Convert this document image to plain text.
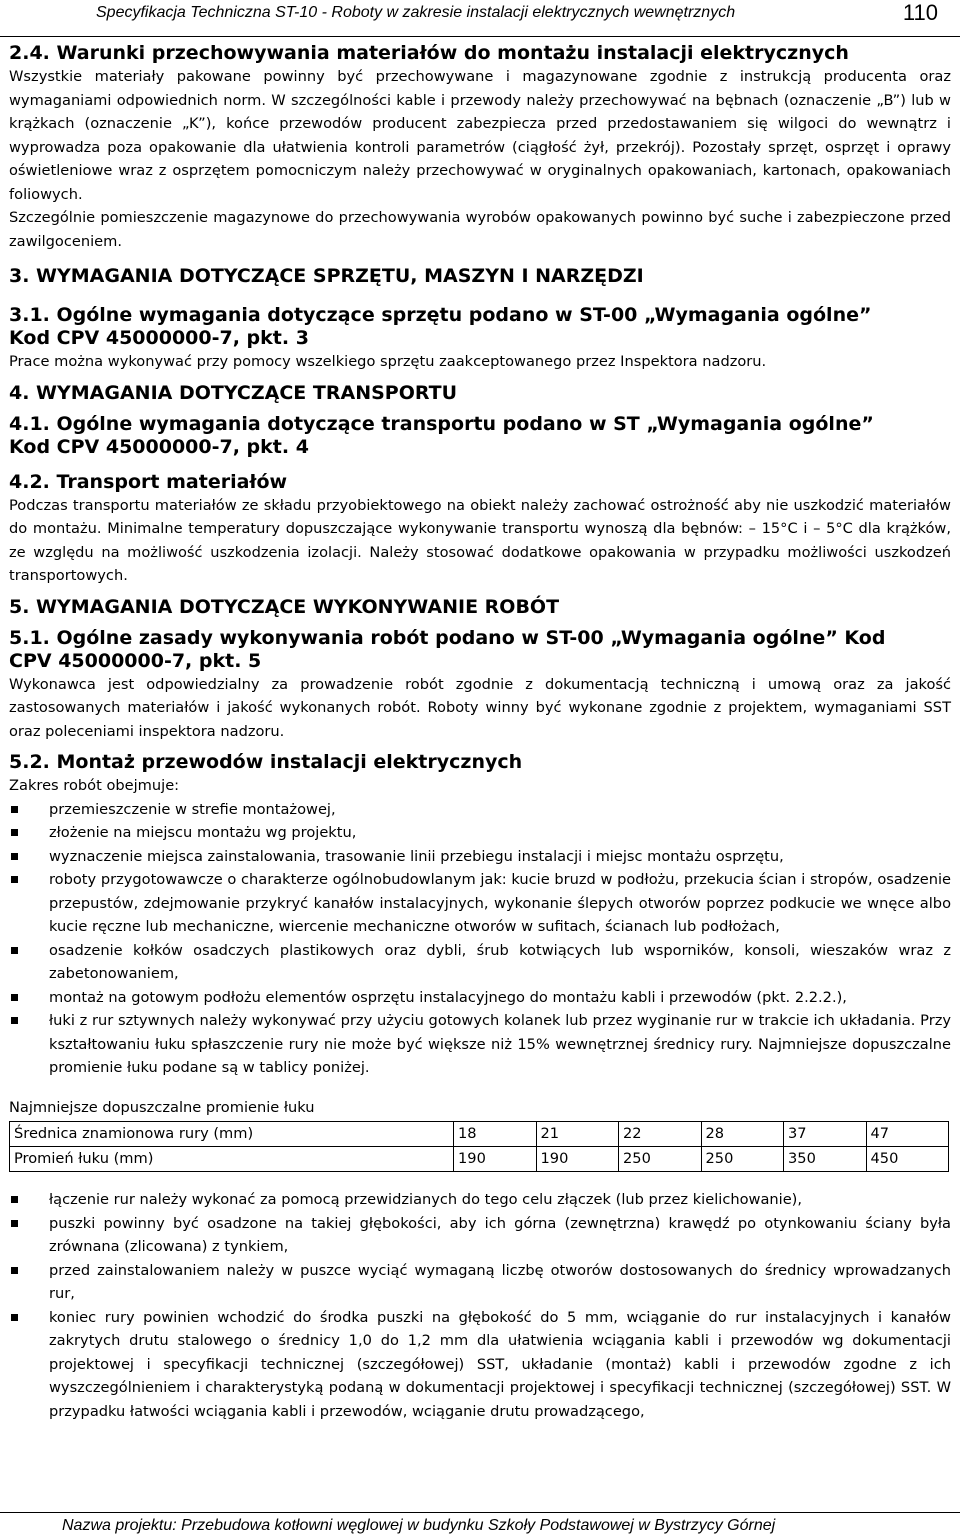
Specyfikacja Techniczna ST-10 - Roboty w zakresie instalacji elektrycznych wewnętrznych	110
2.4. Warunki przechowywania materiałów do montażu instalacji elektrycznych

Wszystkie materiały pakowane powinny być przechowywane i magazynowane zgodnie z instrukcją producenta oraz wymaganiami odpowiednich norm. W szczególności kable i przewody należy przechowywać na bębnach (oznaczenie „B”) lub w krążkach (oznaczenie „K”), końce przewodów producent zabezpiecza przed przedostawaniem się wilgoci do wewnątrz i wyprowadza poza opakowanie dla ułatwienia kontroli parametrów (ciągłość żył, przekrój). Pozostały sprzęt, osprzęt i oprawy oświetleniowe wraz z osprzętem pomocniczym należy przechowywać w oryginalnych opakowaniach, kartonach, opakowaniach foliowych.

Szczególnie pomieszczenie magazynowe do przechowywania wyrobów opakowanych powinno być suche i zabezpieczone przed zawilgoceniem.

3. WYMAGANIA DOTYCZĄCE SPRZĘTU, MASZYN I NARZĘDZI
3.1. Ogólne wymagania dotyczące sprzętu podano w ST-00 „Wymagania ogólne”
Kod CPV 45000000-7, pkt. 3

Prace można wykonywać przy pomocy wszelkiego sprzętu zaakceptowanego przez Inspektora nadzoru.

4. WYMAGANIA DOTYCZĄCE TRANSPORTU
4.1. Ogólne wymagania dotyczące transportu podano w ST „Wymagania ogólne”
Kod CPV 45000000-7, pkt. 4
4.2. Transport materiałów

Podczas transportu materiałów ze składu przyobiektowego na obiekt należy zachować ostrożność aby nie uszkodzić materiałów do montażu. Minimalne temperatury dopuszczające wykonywanie transportu wynoszą dla bębnów: – 15°C i – 5°C dla krążków, ze względu na możliwość uszkodzenia izolacji. Należy stosować dodatkowe opakowania w przypadku możliwości uszkodzeń transportowych.

5. WYMAGANIA DOTYCZĄCE WYKONYWANIE ROBÓT
5.1. Ogólne zasady wykonywania robót podano w ST-00 „Wymagania ogólne” Kod
CPV 45000000-7, pkt. 5

Wykonawca jest odpowiedzialny za prowadzenie robót zgodnie z dokumentacją techniczną i umową oraz za jakość zastosowanych materiałów i jakość wykonanych robót. Roboty winny być wykonane zgodnie z projektem, wymaganiami SST oraz poleceniami inspektora nadzoru.

5.2. Montaż przewodów instalacji elektrycznych

Zakres robót obejmuje:

przemieszczenie w strefie montażowej,
złożenie na miejscu montażu wg projektu,
wyznaczenie miejsca zainstalowania, trasowanie linii przebiegu instalacji i miejsc montażu osprzętu,
roboty przygotowawcze o charakterze ogólnobudowlanym jak: kucie bruzd w podłożu, przekucia ścian i stropów, osadzenie przepustów, zdejmowanie przykryć kanałów instalacyjnych, wykonanie ślepych otworów poprzez podkucie we wnęce albo kucie ręczne lub mechaniczne, wiercenie mechaniczne otworów w sufitach, ścianach lub podłożach,
osadzenie kołków osadczych plastikowych oraz dybli, śrub kotwiących lub wsporników, konsoli, wieszaków wraz z zabetonowaniem,
montaż na gotowym podłożu elementów osprzętu instalacyjnego do montażu kabli i przewodów (pkt. 2.2.2.),
łuki z rur sztywnych należy wykonywać przy użyciu gotowych kolanek lub przez wyginanie rur w trakcie ich układania. Przy kształtowaniu łuku spłaszczenie rury nie może być większe niż 15% wewnętrznej średnicy rury. Najmniejsze dopuszczalne promienie łuku podane są w tablicy poniżej.

Najmniejsze dopuszczalne promienie łuku

Średnica znamionowa rury (mm)	18	21	22	28	37	47
Promień łuku (mm)	190	190	250	250	350	450
łączenie rur należy wykonać za pomocą przewidzianych do tego celu złączek (lub przez kielichowanie),
puszki powinny być osadzone na takiej głębokości, aby ich górna (zewnętrzna) krawędź po otynkowaniu ściany była zrównana (zlicowana) z tynkiem,
przed zainstalowaniem należy w puszce wyciąć wymaganą liczbę otworów dostosowanych do średnicy wprowadzanych rur,
koniec rury powinien wchodzić do środka puszki na głębokość do 5 mm, wciąganie do rur instalacyjnych i kanałów zakrytych drutu stalowego o średnicy 1,0 do 1,2 mm dla ułatwienia wciągania kabli i przewodów wg dokumentacji projektowej i specyfikacji technicznej (szczegółowej) SST, układanie (montaż) kabli i przewodów zgodne z ich wyszczególnieniem i charakterystyką podaną w dokumentacji projektowej i specyfikacji technicznej (szczegółowej) SST. W przypadku łatwości wciągania kabli i przewodów, wciąganie drutu prowadzącego,
Nazwa projektu: Przebudowa kotłowni węglowej w budynku Szkoły Podstawowej w Bystrzycy Górnej
